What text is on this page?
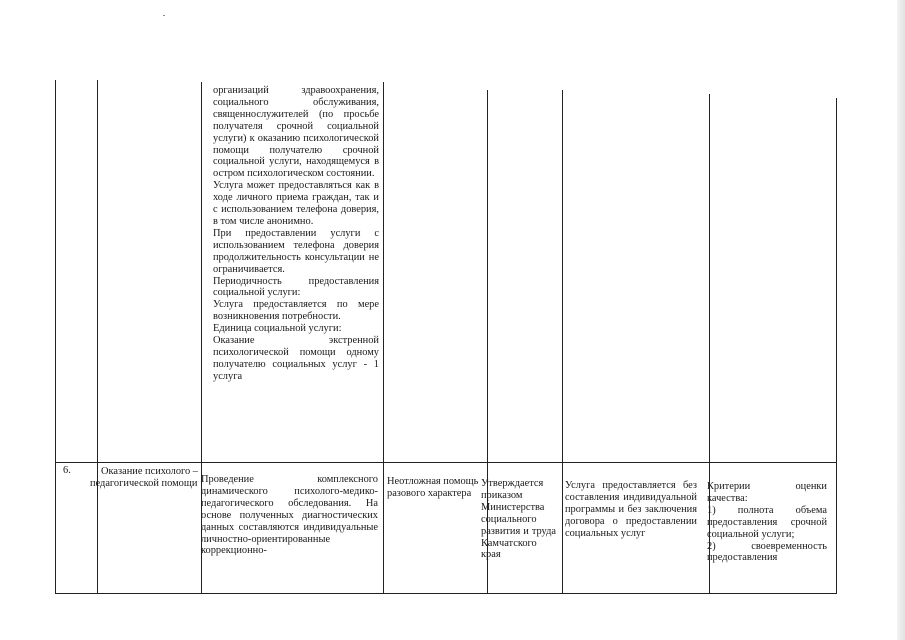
организаций здравоохранения, социального обслуживания, священнослужителей (по просьбе получателя срочной социальной услуги) к оказанию психологической помощи получателю срочной социальной услуги, находящемуся в остром психологическом состоянии.

Услуга может предоставляться как в ходе личного приема граждан, так и с использованием телефона доверия, в том числе анонимно.

При предоставлении услуги с использованием телефона доверия продолжительность консультации не ограничивается.

Периодичность предоставления социальной услуги:

Услуга предоставляется по мере возникновения потребности.

Единица социальной услуги:

Оказание экстренной психологической помощи одному получателю социальных услуг - 1 услуга

6.	Оказание психолого – педагогической помощи Проведение комплексного динамического психолого-медико-педагогического обследования. На основе полученных диагностических данных составляются индивидуальные личностно-ориентированные коррекционно-
Неотложная помощь разового характера
Утверждается приказом Министерства социального развития и труда Камчатского края
Услуга предоставляется без составления индивидуальной программы и без заключения договора о предоставлении социальных услуг

Критерии оценки качества:

1) полнота объема предоставления срочной социальной услуги;

2) своевременность предоставления
